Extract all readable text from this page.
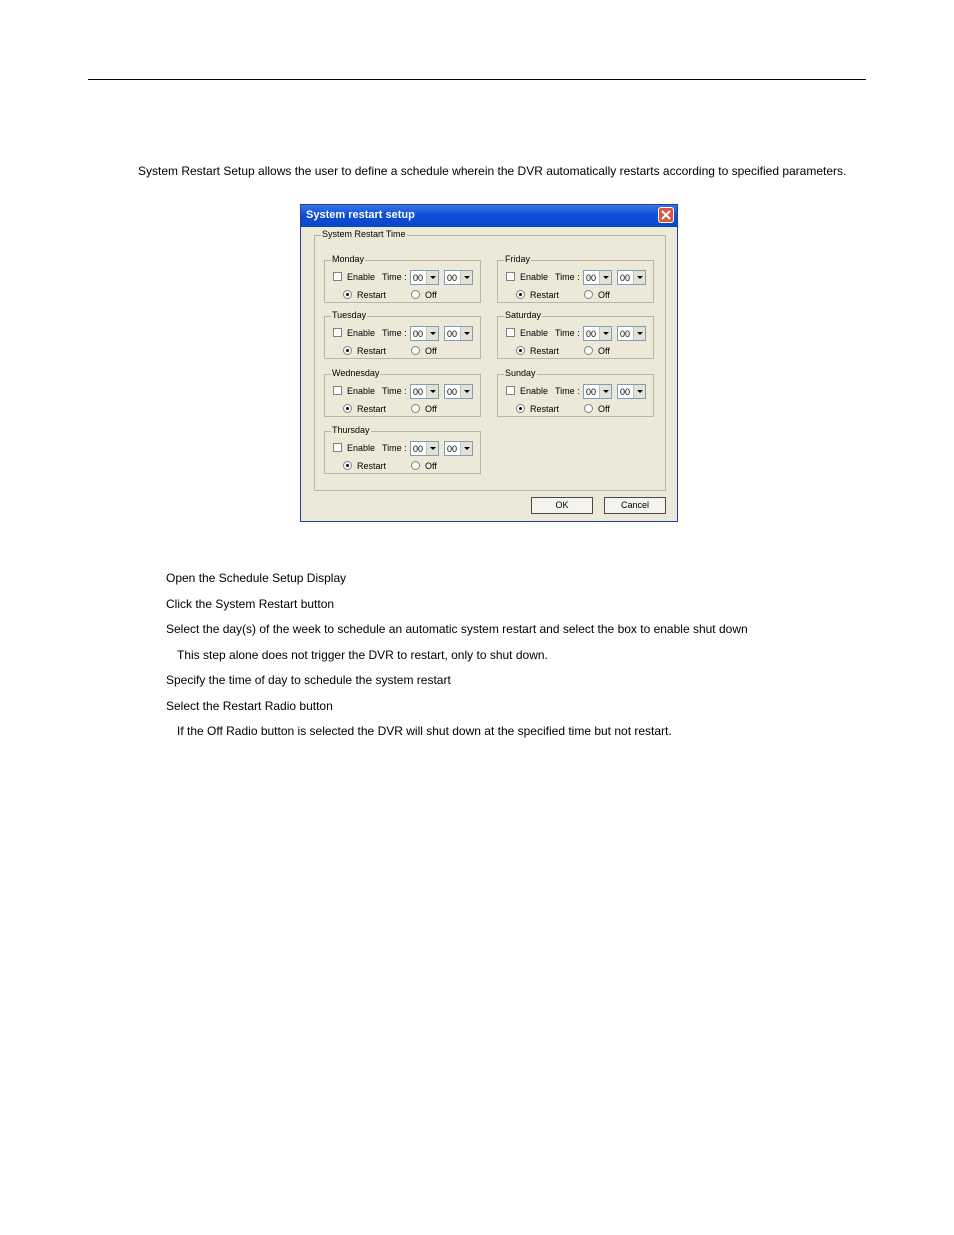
System Restart Setup allows the user to define a schedule wherein the DVR automatically restarts according to specified parameters.
System restart setup
System Restart Time
Monday
Enable Time : 00	00
Restart	Off
Tuesday
Enable Time : 00	00
Restart	Off
Wednesday
Enable Time : 00	00
Restart	Off
Thursday
Enable Time : 00	00
Restart	Off
Friday
Enable Time : 00	00
Restart	Off
Saturday
Enable Time : 00	00
Restart	Off
Sunday
Enable Time : 00	00
Restart	Off
OK	Cancel
Open the Schedule Setup Display
Click the System Restart button
Select the day(s) of the week to schedule an automatic system restart and select the box to enable shut down
This step alone does not trigger the DVR to restart, only to shut down.
Specify the time of day to schedule the system restart
Select the Restart Radio button
If the Off Radio button is selected the DVR will shut down at the specified time but not restart.
